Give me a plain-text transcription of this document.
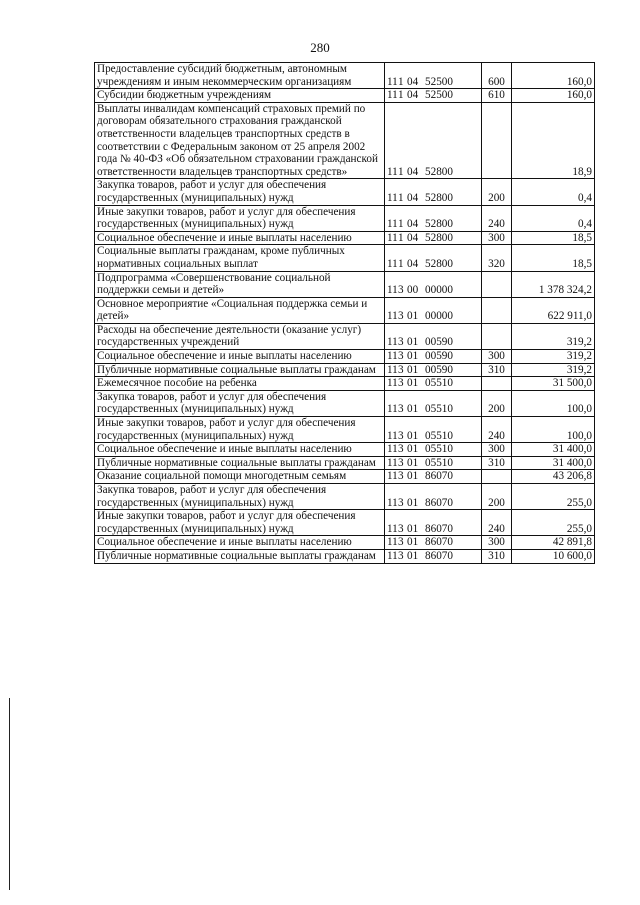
280
Предоставление субсидий бюджетным, автономным учреждениям и иным некоммерческим организациям	111 04 52500	600	160,0
Субсидии бюджетным учреждениям	111 04 52500	610	160,0
Выплаты инвалидам компенсаций страховых премий по договорам обязательного страхования гражданской ответственности владельцев транспортных средств в соответствии с Федеральным законом от 25 апреля 2002 года № 40-ФЗ «Об обязательном страховании гражданской ответственности владельцев транспортных средств»	111 04 52800		18,9
Закупка товаров, работ и услуг для обеспечения государственных (муниципальных) нужд	111 04 52800	200	0,4
Иные закупки товаров, работ и услуг для обеспечения государственных (муниципальных) нужд	111 04 52800	240	0,4
Социальное обеспечение и иные выплаты населению	111 04 52800	300	18,5
Социальные выплаты гражданам, кроме публичных нормативных социальных выплат	111 04 52800	320	18,5
Подпрограмма «Совершенствование социальной поддержки семьи и детей»	113 00 00000		1 378 324,2
Основное мероприятие «Социальная поддержка семьи и детей»	113 01 00000		622 911,0
Расходы на обеспечение деятельности (оказание услуг) государственных учреждений	113 01 00590		319,2
Социальное обеспечение и иные выплаты населению	113 01 00590	300	319,2
Публичные нормативные социальные выплаты гражданам	113 01 00590	310	319,2
Ежемесячное пособие на ребенка	113 01 05510		31 500,0
Закупка товаров, работ и услуг для обеспечения государственных (муниципальных) нужд	113 01 05510	200	100,0
Иные закупки товаров, работ и услуг для обеспечения государственных (муниципальных) нужд	113 01 05510	240	100,0
Социальное обеспечение и иные выплаты населению	113 01 05510	300	31 400,0
Публичные нормативные социальные выплаты гражданам	113 01 05510	310	31 400,0
Оказание социальной помощи многодетным семьям	113 01 86070		43 206,8
Закупка товаров, работ и услуг для обеспечения государственных (муниципальных) нужд	113 01 86070	200	255,0
Иные закупки товаров, работ и услуг для обеспечения государственных (муниципальных) нужд	113 01 86070	240	255,0
Социальное обеспечение и иные выплаты населению	113 01 86070	300	42 891,8
Публичные нормативные социальные выплаты гражданам	113 01 86070	310	10 600,0
